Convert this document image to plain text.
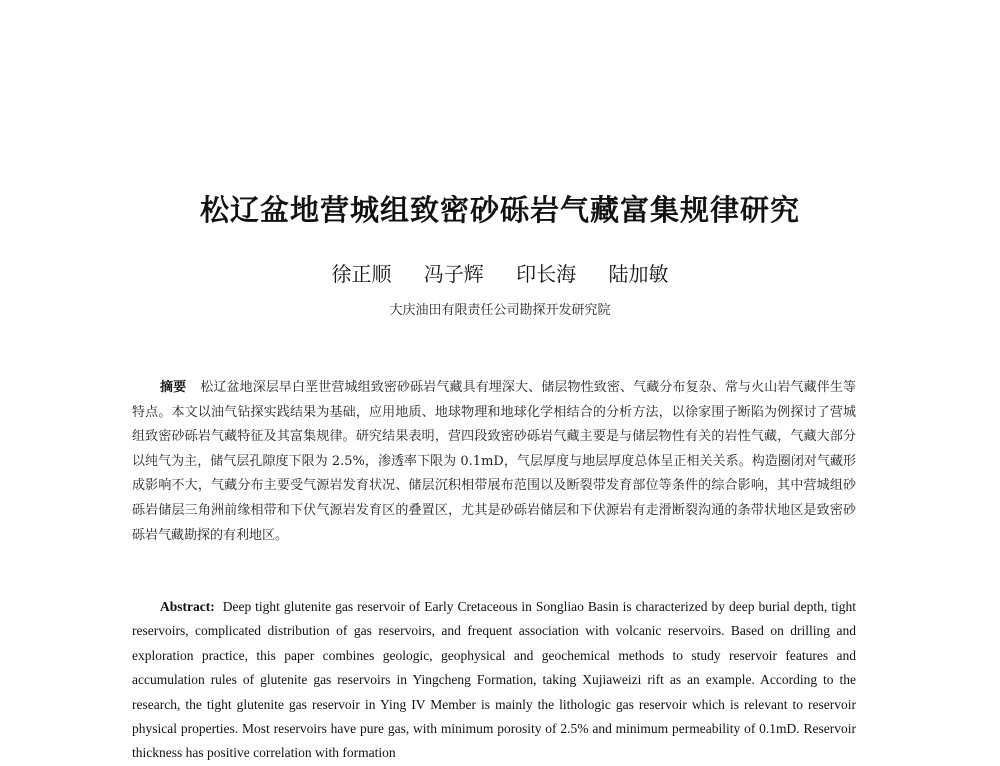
松辽盆地营城组致密砂砾岩气藏富集规律研究
徐正顺 冯子辉 印长海 陆加敏
大庆油田有限责任公司勘探开发研究院

摘要 松辽盆地深层早白垩世营城组致密砂砾岩气藏具有埋深大、储层物性致密、气藏分布复杂、常与火山岩气藏伴生等特点。本文以油气钻探实践结果为基础，应用地质、地球物理和地球化学相结合的分析方法，以徐家围子断陷为例探讨了营城组致密砂砾岩气藏特征及其富集规律。研究结果表明，营四段致密砂砾岩气藏主要是与储层物性有关的岩性气藏，气藏大部分以纯气为主，储气层孔隙度下限为 2.5%，渗透率下限为 0.1mD，气层厚度与地层厚度总体呈正相关关系。构造圈闭对气藏形成影响不大，气藏分布主要受气源岩发育状况、储层沉积相带展布范围以及断裂带发育部位等条件的综合影响，其中营城组砂砾岩储层三角洲前缘相带和下伏气源岩发育区的叠置区，尤其是砂砾岩储层和下伏源岩有走滑断裂沟通的条带状地区是致密砂砾岩气藏勘探的有利地区。

Abstract: Deep tight glutenite gas reservoir of Early Cretaceous in Songliao Basin is characterized by deep burial depth, tight reservoirs, complicated distribution of gas reservoirs, and frequent association with volcanic reservoirs. Based on drilling and exploration practice, this paper combines geologic, geophysical and geochemical methods to study reservoir features and accumulation rules of glutenite gas reservoirs in Yingcheng Formation, taking Xujiaweizi rift as an example. According to the research, the tight glutenite gas reservoir in Ying IV Member is mainly the lithologic gas reservoir which is relevant to reservoir physical properties. Most reservoirs have pure gas, with minimum porosity of 2.5% and minimum permeability of 0.1mD. Reservoir thickness has positive correlation with formation
